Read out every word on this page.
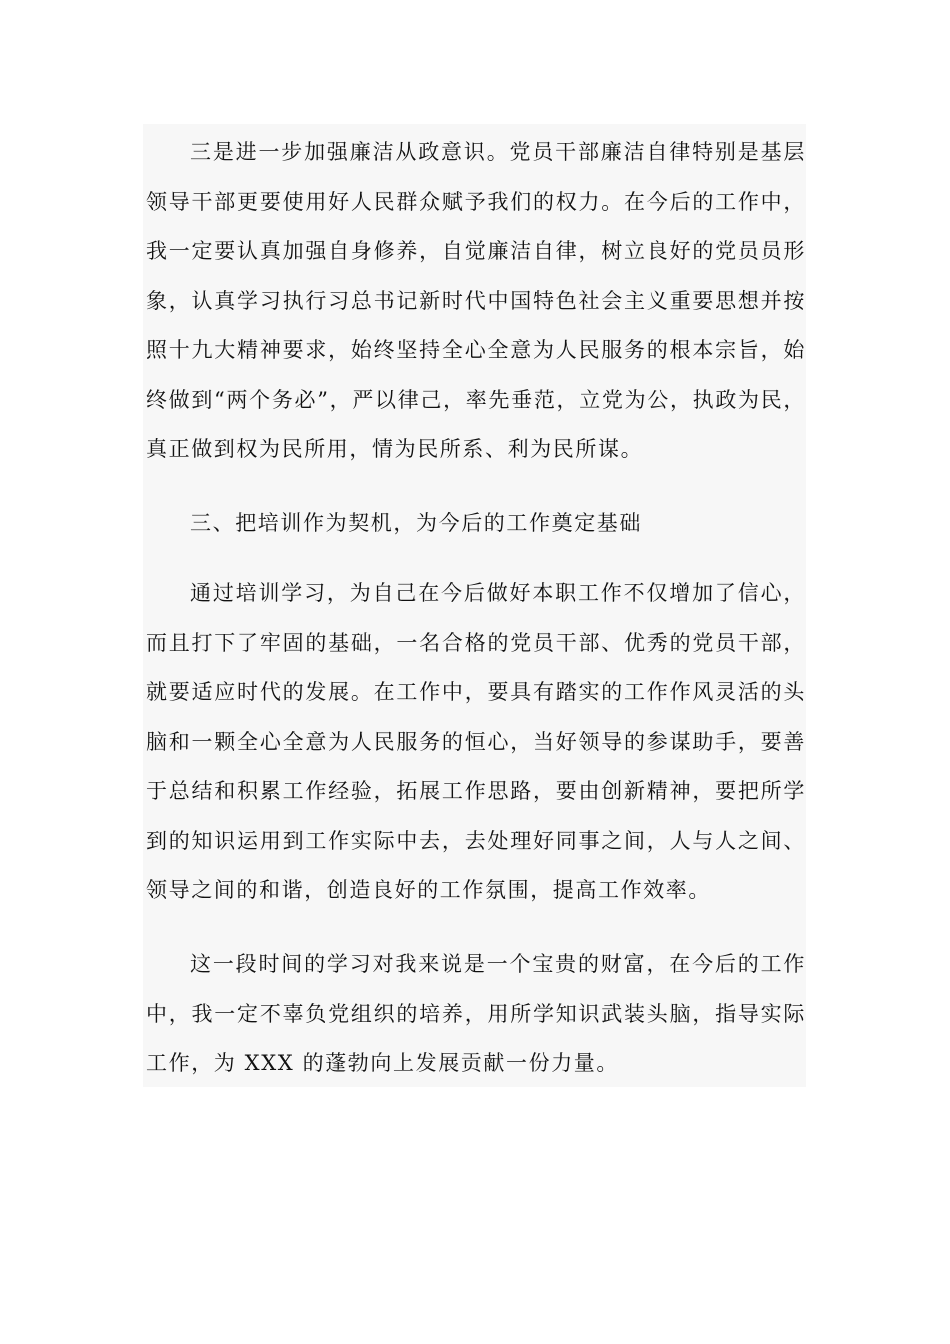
三是进一步加强廉洁从政意识。党员干部廉洁自律特别是基层领导干部更要使用好人民群众赋予我们的权力。在今后的工作中，我一定要认真加强自身修养，自觉廉洁自律，树立良好的党员员形象，认真学习执行习总书记新时代中国特色社会主义重要思想并按照十九大精神要求，始终坚持全心全意为人民服务的根本宗旨，始终做到“两个务必”，严以律己，率先垂范，立党为公，执政为民，真正做到权为民所用，情为民所系、利为民所谋。

三、把培训作为契机，为今后的工作奠定基础

通过培训学习，为自己在今后做好本职工作不仅增加了信心，而且打下了牢固的基础，一名合格的党员干部、优秀的党员干部，就要适应时代的发展。在工作中，要具有踏实的工作作风灵活的头脑和一颗全心全意为人民服务的恒心，当好领导的参谋助手，要善于总结和积累工作经验，拓展工作思路，要由创新精神，要把所学到的知识运用到工作实际中去，去处理好同事之间，人与人之间、领导之间的和谐，创造良好的工作氛围，提高工作效率。

这一段时间的学习对我来说是一个宝贵的财富，在今后的工作中，我一定不辜负党组织的培养，用所学知识武装头脑，指导实际工作，为 XXX 的蓬勃向上发展贡献一份力量。
